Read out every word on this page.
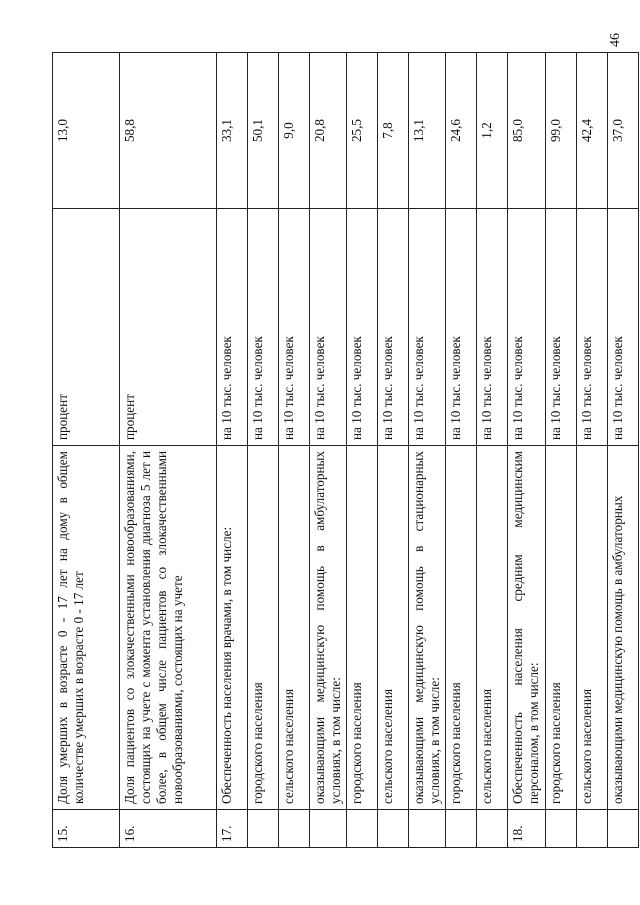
46
15.	Доля умерших в возрасте 0 - 17 лет на дому в общем количестве умерших в возрасте 0 - 17 лет	процент	13,0
16.	Доля пациентов со злокачественными новообразованиями, состоящих на учете с момента установления диагноза 5 лет и более, в общем числе пациентов со злокачественными новообразованиями, состоящих на учете	процент	58,8
17.	Обеспеченность населения врачами, в том числе:	на 10 тыс. человек	33,1
	городского населения	на 10 тыс. человек	50,1
	сельского населения	на 10 тыс. человек	9,0
	оказывающими медицинскую помощь в амбулаторных условиях, в том числе:	на 10 тыс. человек	20,8
	городского населения	на 10 тыс. человек	25,5
	сельского населения	на 10 тыс. человек	7,8
	оказывающими медицинскую помощь в стационарных условиях, в том числе:	на 10 тыс. человек	13,1
	городского населения	на 10 тыс. человек	24,6
	сельского населения	на 10 тыс. человек	1,2
18.	Обеспеченность населения средним медицинским персоналом, в том числе:	на 10 тыс. человек	85,0
	городского населения	на 10 тыс. человек	99,0
	сельского населения	на 10 тыс. человек	42,4
	оказывающими медицинскую помощь в амбулаторных	на 10 тыс. человек	37,0
